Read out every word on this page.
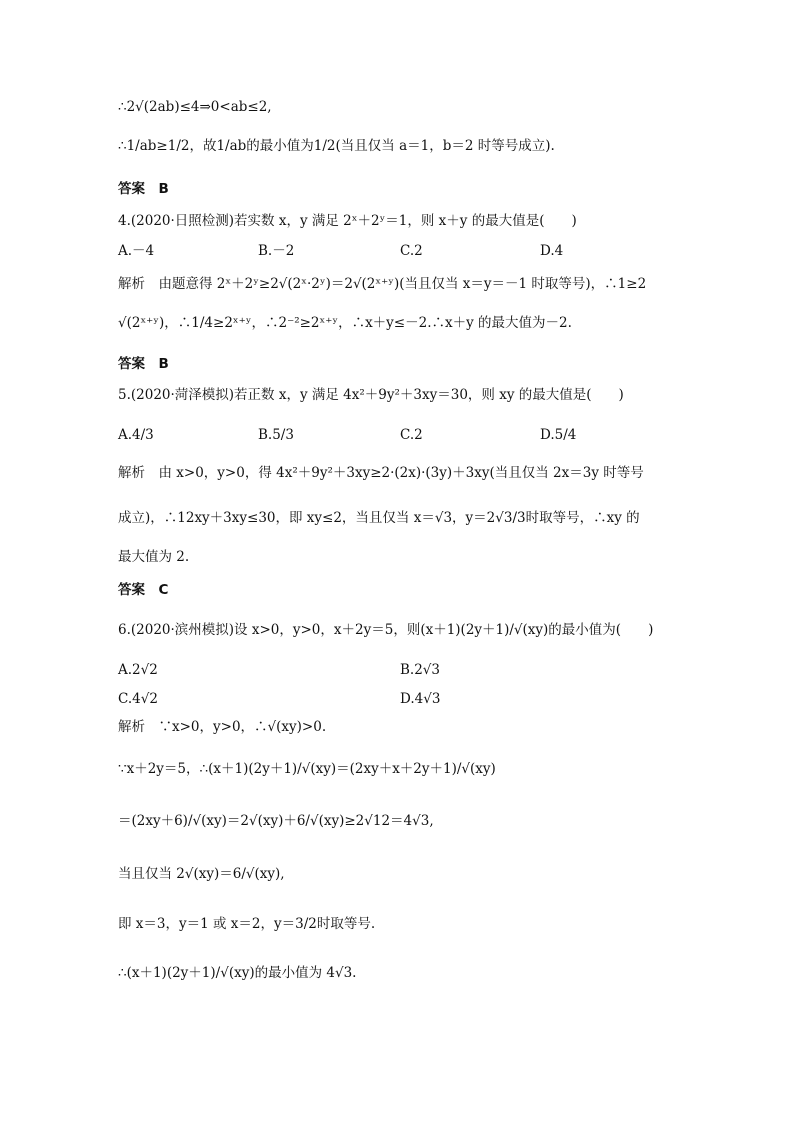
∴2√(2ab)≤4⇒0<ab≤2,
∴1/ab≥1/2，故1/ab的最小值为1/2(当且仅当 a＝1，b＝2 时等号成立).
答案　B
4.(2020·日照检测)若实数 x，y 满足 2ˣ＋2ʸ＝1，则 x＋y 的最大值是(　　)
A.－4	B.－2	C.2	D.4
解析　由题意得 2ˣ＋2ʸ≥2√(2ˣ·2ʸ)＝2√(2ˣ⁺ʸ)(当且仅当 x＝y＝－1 时取等号)，∴1≥2
√(2ˣ⁺ʸ)，∴1/4≥2ˣ⁺ʸ，∴2⁻²≥2ˣ⁺ʸ，∴x＋y≤－2.∴x＋y 的最大值为－2.
答案　B
5.(2020·菏泽模拟)若正数 x，y 满足 4x²＋9y²＋3xy＝30，则 xy 的最大值是(　　)
A.4/3	B.5/3	C.2	D.5/4
解析　由 x>0，y>0，得 4x²＋9y²＋3xy≥2·(2x)·(3y)＋3xy(当且仅当 2x＝3y 时等号
成立)，∴12xy＋3xy≤30，即 xy≤2，当且仅当 x＝√3，y＝2√3/3时取等号，∴xy 的
最大值为 2.
答案　C
6.(2020·滨州模拟)设 x>0，y>0，x＋2y＝5，则(x＋1)(2y＋1)/√(xy)的最小值为(　　)
A.2√2	B.2√3
C.4√2	D.4√3
解析　∵x>0，y>0，∴√(xy)>0.
∵x＋2y＝5，∴(x＋1)(2y＋1)/√(xy)＝(2xy＋x＋2y＋1)/√(xy)
＝(2xy＋6)/√(xy)＝2√(xy)＋6/√(xy)≥2√12＝4√3,
当且仅当 2√(xy)＝6/√(xy),
即 x＝3，y＝1 或 x＝2，y＝3/2时取等号.
∴(x＋1)(2y＋1)/√(xy)的最小值为 4√3.
